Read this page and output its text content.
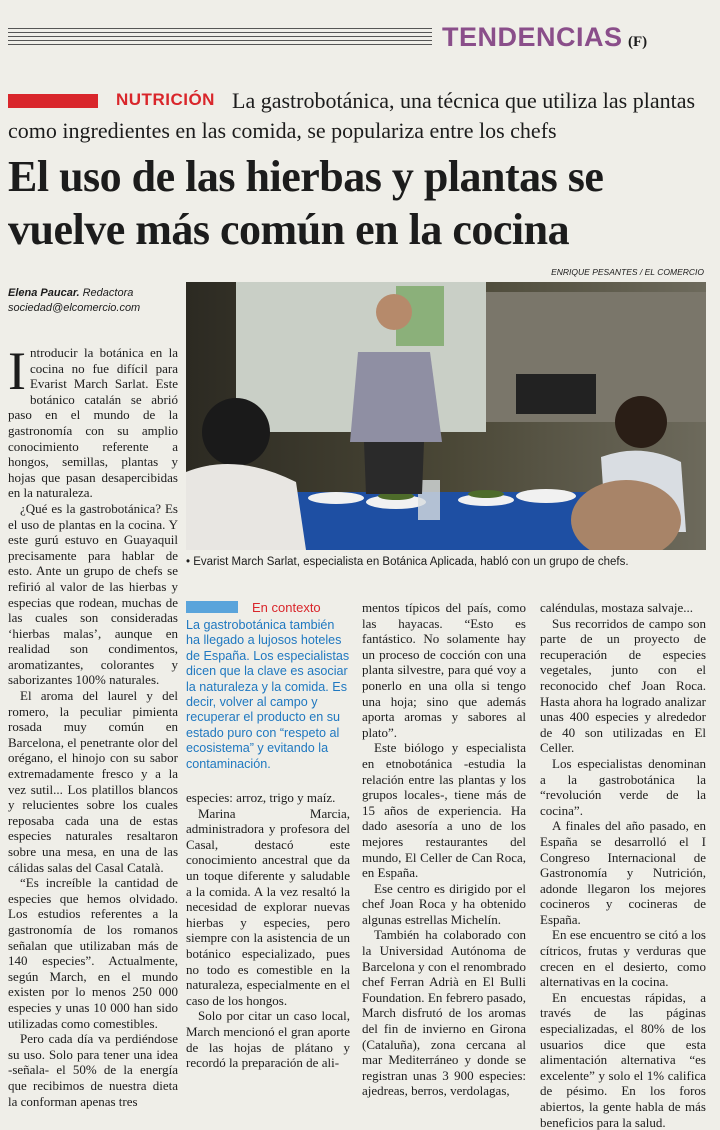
TENDENCIAS (F)

La gastrobotánica, una técnica que utiliza las plantas como ingredientes en las comida, se populariza entre los chefs

NUTRICIÓN
El uso de las hierbas y plantas se vuelve más común en la cocina
ENRIQUE PESANTES / EL COMERCIO
Elena Paucar. Redactora
sociedad@elcomercio.com
• Evarist March Sarlat, especialista en Botánica Aplicada, habló con un grupo de chefs.

Introducir la botánica en la cocina no fue difícil para Evarist March Sarlat. Este botánico catalán se abrió paso en el mundo de la gastronomía con su amplio conocimiento referente a hongos, semillas, plantas y hojas que pasan desapercibidas en la naturaleza.

¿Qué es la gastrobotánica? Es el uso de plantas en la cocina. Y este gurú estuvo en Guayaquil precisamente para hablar de esto. Ante un grupo de chefs se refirió al valor de las hierbas y especias que rodean, muchas de las cuales son consideradas ‘hierbas malas’, aunque en realidad son condimentos, aromatizantes, colorantes y saborizantes 100% naturales.

El aroma del laurel y del romero, la peculiar pimienta rosada muy común en Barcelona, el penetrante olor del orégano, el hinojo con su sabor extremadamente fresco y a la vez sutil... Los platillos blancos y relucientes sobre los cuales reposaba cada una de estas especies naturales resaltaron sobre una mesa, en una de las cálidas salas del Casal Català.

“Es increíble la cantidad de especies que hemos olvidado. Los estudios referentes a la gastronomía de los romanos señalan que utilizaban más de 140 especies”. Actualmente, según March, en el mundo existen por lo menos 250 000 especies y unas 10 000 han sido utilizadas como comestibles.

Pero cada día va perdiéndose su uso. Solo para tener una idea -señala- el 50% de la energía que recibimos de nuestra dieta la conforman apenas tres

En contexto

La gastrobotánica también ha llegado a lujosos hoteles de España. Los especialistas dicen que la clave es asociar la naturaleza y la comida. Es decir, volver al campo y recuperar el producto en su estado puro con “respeto al ecosistema” y evitando la contaminación.

especies: arroz, trigo y maíz.

Marina Marcia, administradora y profesora del Casal, destacó este conocimiento ancestral que da un toque diferente y saludable a la comida. A la vez resaltó la necesidad de explorar nuevas hierbas y especies, pero siempre con la asistencia de un botánico especializado, pues no todo es comestible en la naturaleza, especialmente en el caso de los hongos.

Solo por citar un caso local, March mencionó el gran aporte de las hojas de plátano y recordó la preparación de ali-

mentos típicos del país, como las hayacas. “Esto es fantástico. No solamente hay un proceso de cocción con una planta silvestre, para qué voy a ponerlo en una olla si tengo una hoja; sino que además aporta aromas y sabores al plato”.

Este biólogo y especialista en etnobotánica -estudia la relación entre las plantas y los grupos locales-, tiene más de 15 años de experiencia. Ha dado asesoría a uno de los mejores restaurantes del mundo, El Celler de Can Roca, en España.

Ese centro es dirigido por el chef Joan Roca y ha obtenido algunas estrellas Michelín.

También ha colaborado con la Universidad Autónoma de Barcelona y con el renombrado chef Ferran Adrià en El Bulli Foundation. En febrero pasado, March disfrutó de los aromas del fin de invierno en Girona (Cataluña), zona cercana al mar Mediterráneo y donde se registran unas 3 900 especies: ajedreas, berros, verdolagas,

caléndulas, mostaza salvaje...

Sus recorridos de campo son parte de un proyecto de recuperación de especies vegetales, junto con el reconocido chef Joan Roca. Hasta ahora ha logrado analizar unas 400 especies y alrededor de 40 son utilizadas en El Celler.

Los especialistas denominan a la gastrobotánica la “revolución verde de la cocina”.

A finales del año pasado, en España se desarrolló el I Congreso Internacional de Gastronomía y Nutrición, adonde llegaron los mejores cocineros y cocineras de España.

En ese encuentro se citó a los cítricos, frutas y verduras que crecen en el desierto, como alternativas en la cocina.

En encuestas rápidas, a través de las páginas especializadas, el 80% de los usuarios dice que esta alimentación alternativa “es excelente” y solo el 1% califica de pésimo. En los foros abiertos, la gente habla de más beneficios para la salud.
